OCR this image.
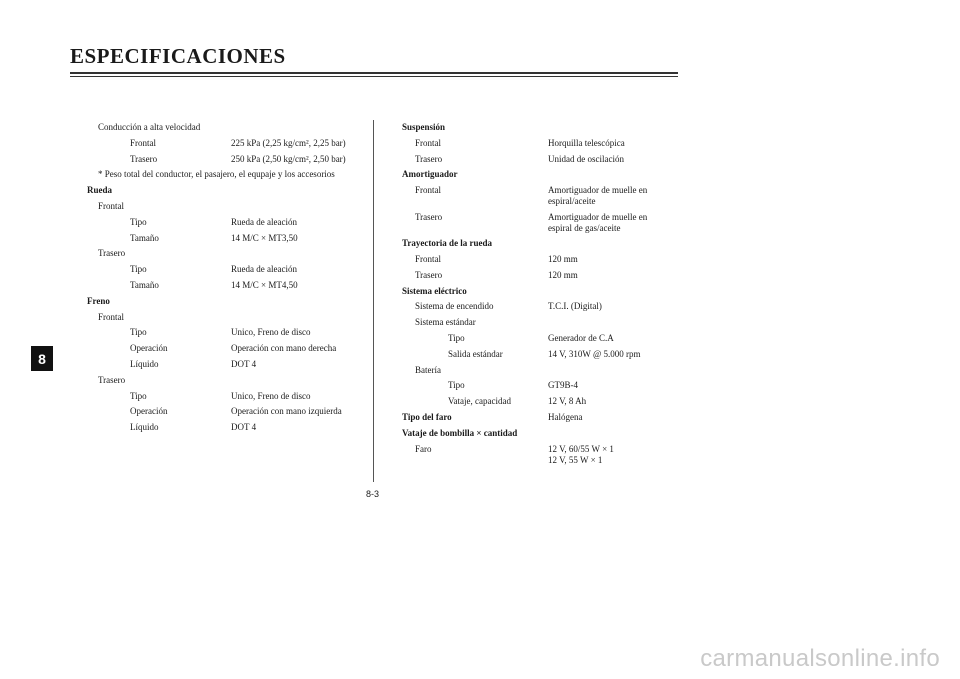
ESPECIFICACIONES
8
Conducción a alta velocidad
Frontal	225 kPa (2,25 kg/cm², 2,25 bar)
Trasero	250 kPa (2,50 kg/cm², 2,50 bar)
* Peso total del conductor, el pasajero, el equpaje y los accesorios
Rueda
Frontal
Tipo	Rueda de aleación
Tamaño	14 M/C × MT3,50
Trasero
Tipo	Rueda de aleación
Tamaño	14 M/C × MT4,50
Freno
Frontal
Tipo	Unico, Freno de disco
Operación	Operación con mano derecha
Líquido	DOT 4
Trasero
Tipo	Unico, Freno de disco
Operación	Operación con mano izquierda
Líquido	DOT 4
Suspensión
Frontal	Horquilla telescópica
Trasero	Unidad de oscilación
Amortiguador
Frontal	Amortiguador de muelle en
espiral/aceite
Trasero	Amortiguador de muelle en
espiral de gas/aceite
Trayectoria de la rueda
Frontal	120 mm
Trasero	120 mm
Sistema eléctrico
Sistema de encendido	T.C.I. (Digital)
Sistema estándar
Tipo	Generador de C.A
Salida estándar	14 V, 310W @ 5.000 rpm
Batería
Tipo	GT9B-4
Vataje, capacidad	12 V, 8 Ah
Tipo del faro	Halógena
Vataje de bombilla × cantidad
Faro	12 V, 60/55 W × 1
12 V, 55 W × 1
8-3
carmanualsonline.info
